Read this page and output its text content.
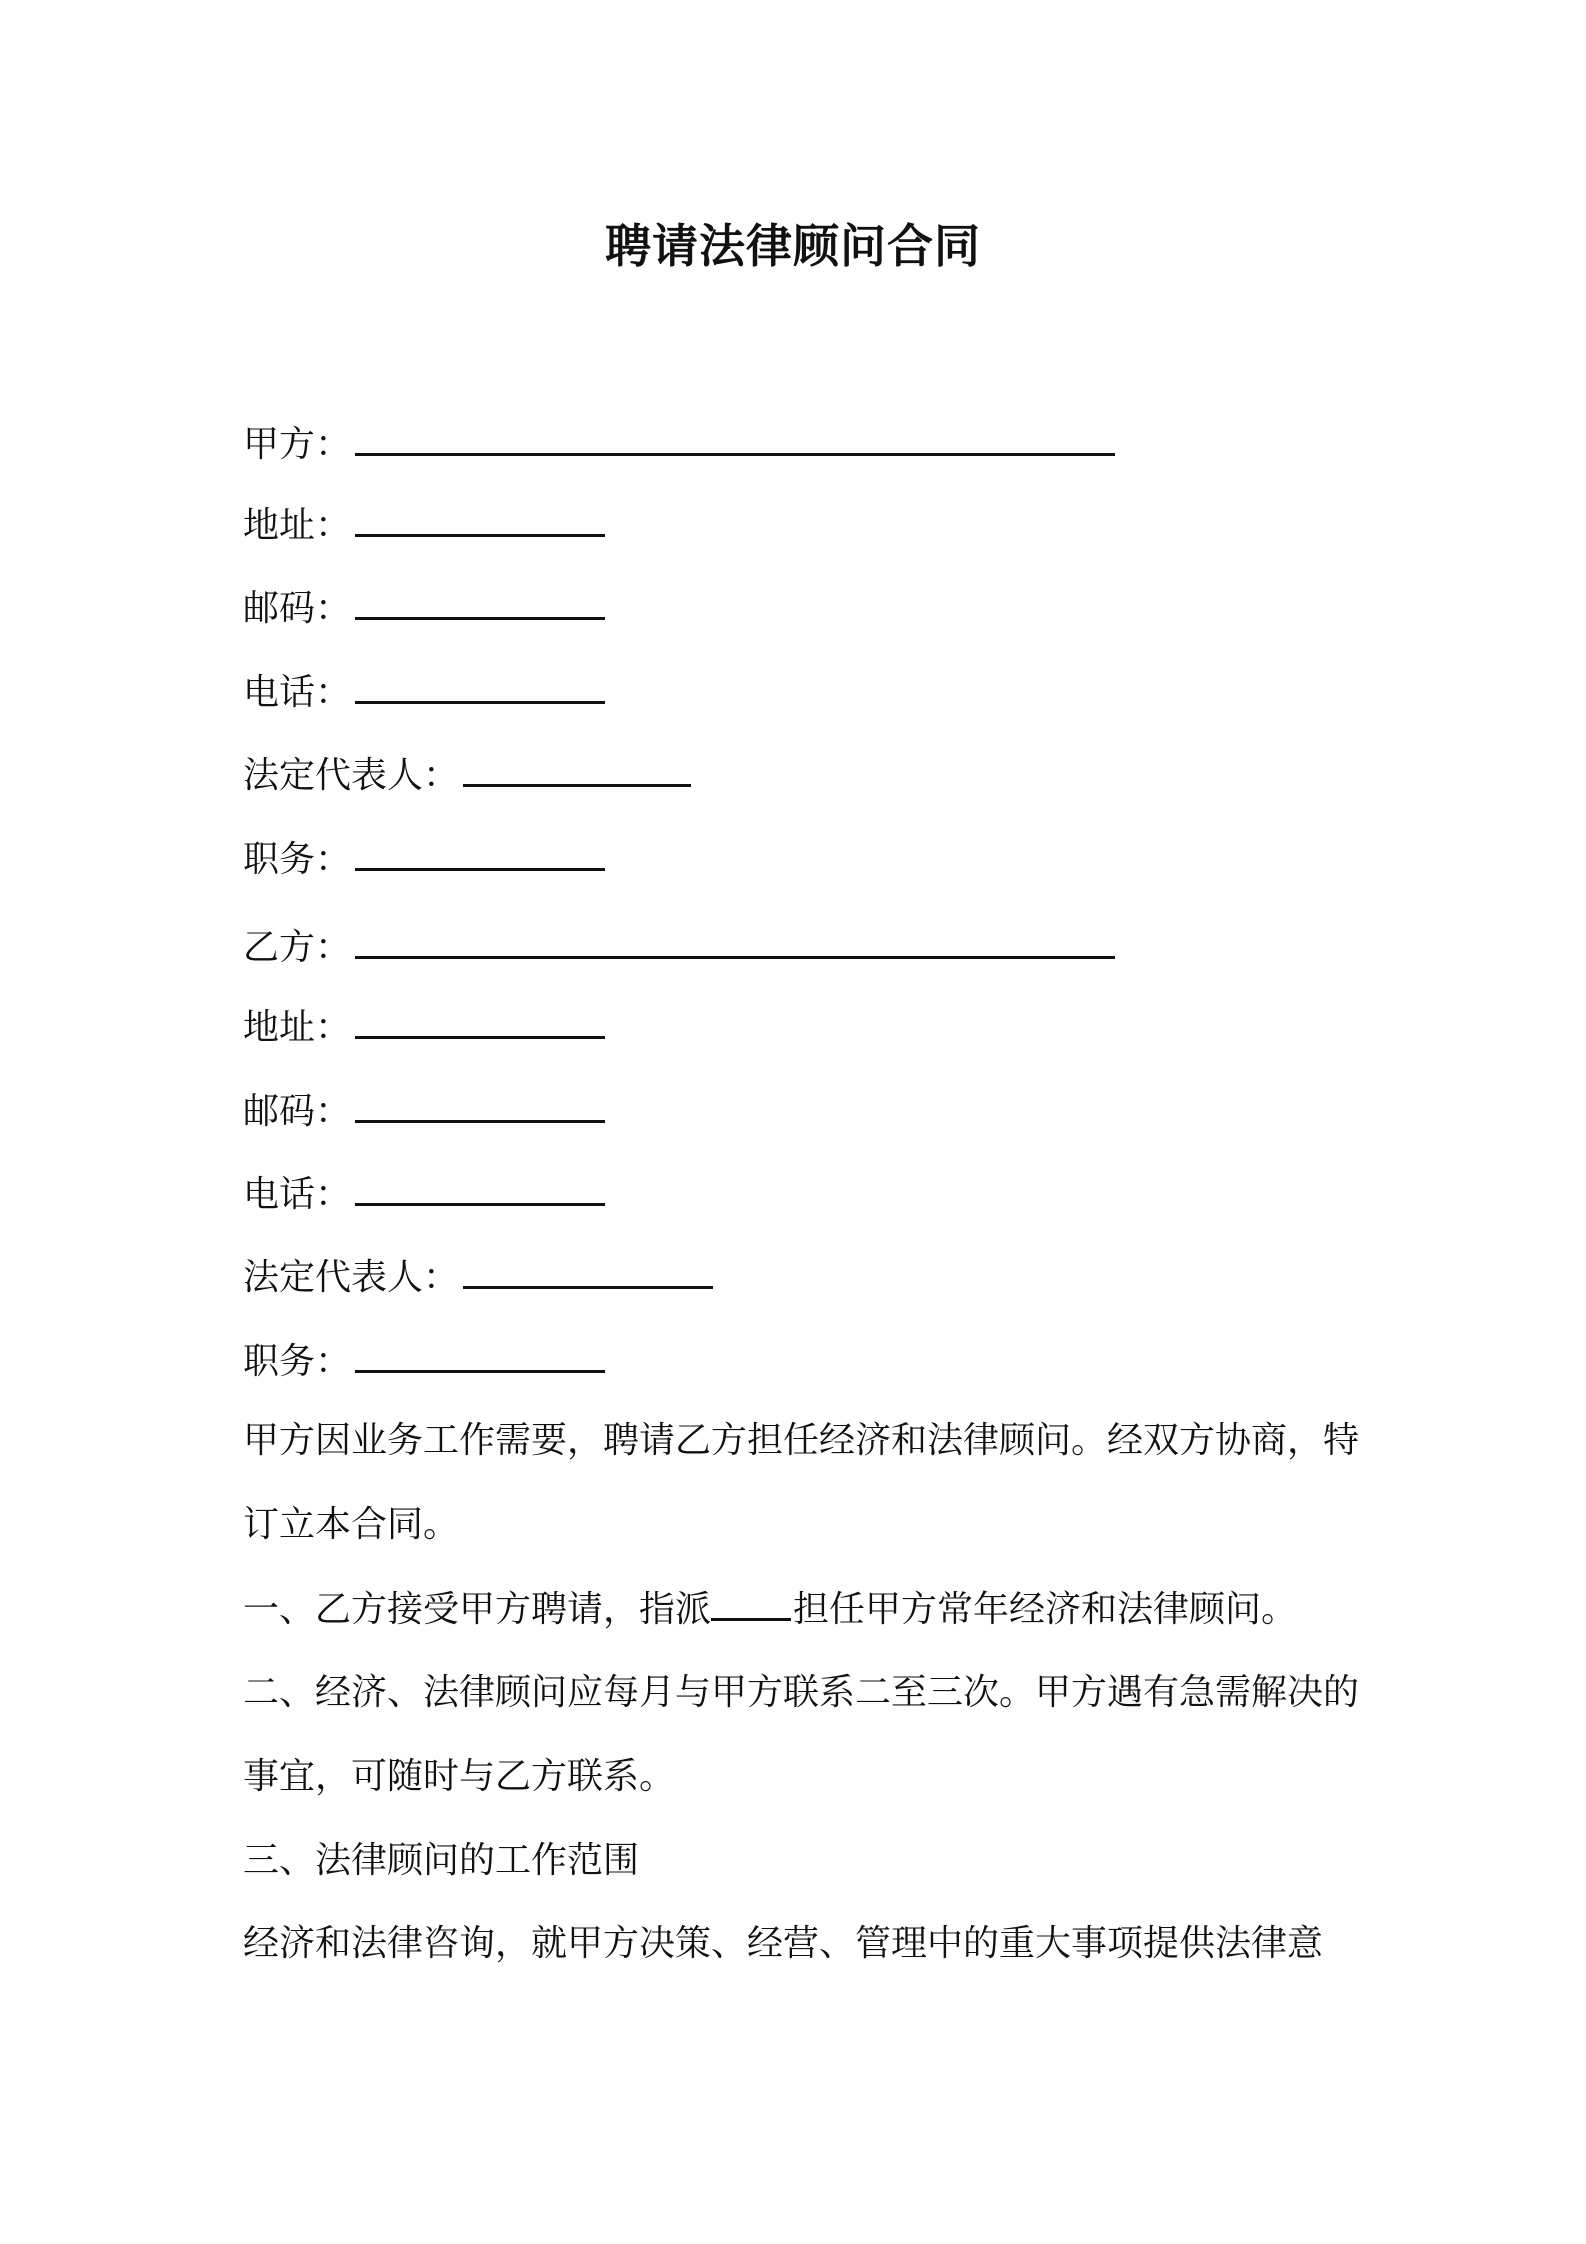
聘请法律顾问合同
甲方：
地址：
邮码：
电话：
法定代表人：
职务：
乙方：
地址：
邮码：
电话：
法定代表人：
职务：
甲方因业务工作需要，聘请乙方担任经济和法律顾问。经双方协商，特订立本合同。
一、乙方接受甲方聘请，指派 担任甲方常年经济和法律顾问。
二、经济、法律顾问应每月与甲方联系二至三次。甲方遇有急需解决的事宜，可随时与乙方联系。
三、法律顾问的工作范围
经济和法律咨询，就甲方决策、经营、管理中的重大事项提供法律意
